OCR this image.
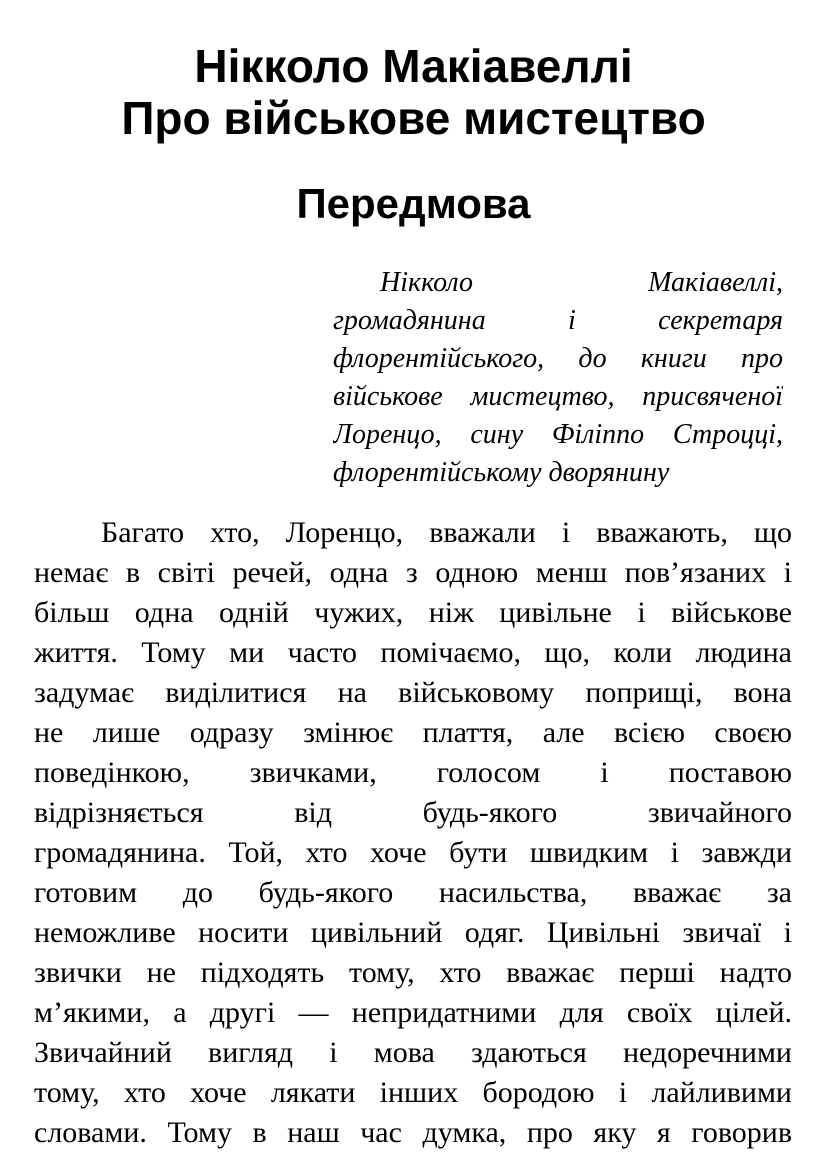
Нікколо Макіавеллі
Про військове мистецтво
Передмова
Нікколо Макіавеллі,
громадянина і секретаря
флорентійського, до книги про
військове мистецтво, присвяченої
Лоренцо, сину Філіппо Строцці,
флорентійському дворянину
Багато хто, Лоренцо, вважали і вважають, що
немає в світі речей, одна з одною менш пов’язаних і
більш одна одній чужих, ніж цивільне і військове
життя. Тому ми часто помічаємо, що, коли людина
задумає виділитися на військовому поприщі, вона
не лише одразу змінює плаття, але всією своєю
поведінкою, звичками, голосом і поставою
відрізняється від будь-якого звичайного
громадянина. Той, хто хоче бути швидким і завжди
готовим до будь-якого насильства, вважає за
неможливе носити цивільний одяг. Цивільні звичаї і
звички не підходять тому, хто вважає перші надто
м’якими, а другі — непридатними для своїх цілей.
Звичайний вигляд і мова здаються недоречними
тому, хто хоче лякати інших бородою і лайливими
словами. Тому в наш час думка, про яку я говорив
